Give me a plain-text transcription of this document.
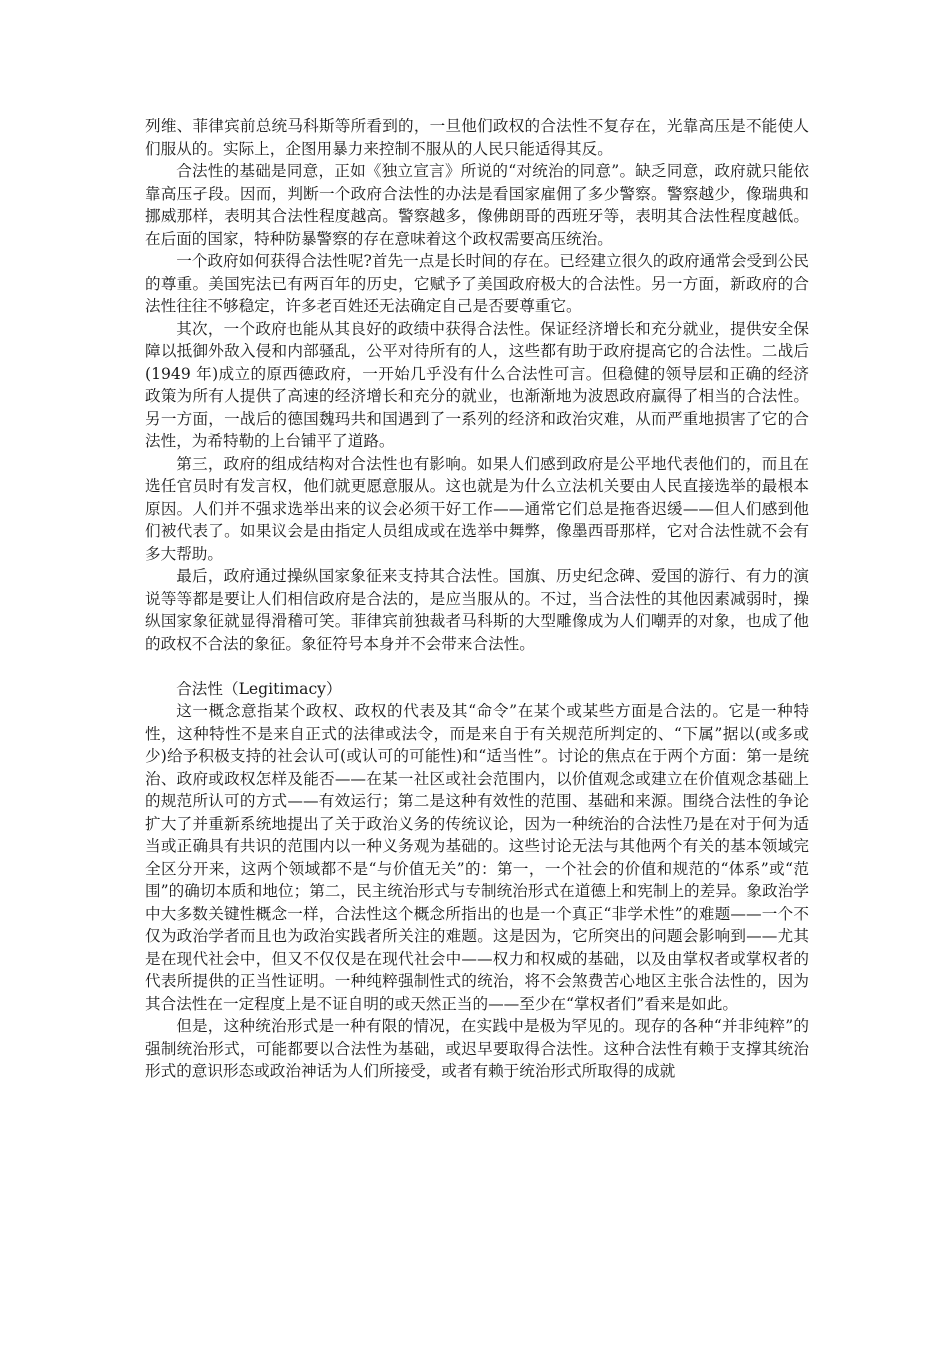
列维、菲律宾前总统马科斯等所看到的，一旦他们政权的合法性不复存在，光靠高压是不能使人们服从的。实际上，企图用暴力来控制不服从的人民只能适得其反。

合法性的基础是同意，正如《独立宣言》所说的“对统治的同意”。缺乏同意，政府就只能依靠高压孑段。因而，判断一个政府合法性的办法是看国家雇佣了多少警察。警察越少，像瑞典和挪威那样，表明其合法性程度越高。警察越多，像佛朗哥的西班牙等，表明其合法性程度越低。在后面的国家，特种防暴警察的存在意味着这个政权需要高压统治。

一个政府如何获得合法性呢?首先一点是长时间的存在。已经建立很久的政府通常会受到公民的尊重。美国宪法已有两百年的历史，它赋予了美国政府极大的合法性。另一方面，新政府的合法性往往不够稳定，许多老百姓还无法确定自己是否要尊重它。

其次，一个政府也能从其良好的政绩中获得合法性。保证经济增长和充分就业，提供安全保障以抵御外敌入侵和内部骚乱，公平对待所有的人，这些都有助于政府提高它的合法性。二战后(1949 年)成立的原西德政府，一开始几乎没有什么合法性可言。但稳健的领导层和正确的经济政策为所有人提供了高速的经济增长和充分的就业，也渐渐地为波恩政府赢得了相当的合法性。另一方面，一战后的德国魏玛共和国遇到了一系列的经济和政治灾难，从而严重地损害了它的合法性，为希特勒的上台铺平了道路。

第三，政府的组成结构对合法性也有影响。如果人们感到政府是公平地代表他们的，而且在选任官员时有发言权，他们就更愿意服从。这也就是为什么立法机关要由人民直接选举的最根本原因。人们并不强求选举出来的议会必须干好工作——通常它们总是拖沓迟缓——但人们感到他们被代表了。如果议会是由指定人员组成或在选举中舞弊，像墨西哥那样，它对合法性就不会有多大帮助。

最后，政府通过操纵国家象征来支持其合法性。国旗、历史纪念碑、爱国的游行、有力的演说等等都是要让人们相信政府是合法的，是应当服从的。不过，当合法性的其他因素减弱时，操纵国家象征就显得滑稽可笑。菲律宾前独裁者马科斯的大型雕像成为人们嘲弄的对象，也成了他的政权不合法的象征。象征符号本身并不会带来合法性。

合法性（Legitimacy）

这一概念意指某个政权、政权的代表及其“命令”在某个或某些方面是合法的。它是一种特性，这种特性不是来自正式的法律或法令，而是来自于有关规范所判定的、“下属”据以(或多或少)给予积极支持的社会认可(或认可的可能性)和“适当性”。讨论的焦点在于两个方面：第一是统治、政府或政权怎样及能否——在某一社区或社会范围内，以价值观念或建立在价值观念基础上的规范所认可的方式——有效运行；第二是这种有效性的范围、基础和来源。围绕合法性的争论扩大了并重新系统地提出了关于政治义务的传统议论，因为一种统治的合法性乃是在对于何为适当或正确具有共识的范围内以一种义务观为基础的。这些讨论无法与其他两个有关的基本领域完全区分开来，这两个领域都不是“与价值无关”的：第一，一个社会的价值和规范的“体系”或“范围”的确切本质和地位；第二，民主统治形式与专制统治形式在道德上和宪制上的差异。象政治学中大多数关键性概念一样，合法性这个概念所指出的也是一个真正“非学术性”的难题——一个不仅为政治学者而且也为政治实践者所关注的难题。这是因为，它所突出的问题会影响到——尤其是在现代社会中，但又不仅仅是在现代社会中——权力和权威的基础，以及由掌权者或掌权者的代表所提供的正当性证明。一种纯粹强制性式的统治，将不会煞费苦心地区主张合法性的，因为其合法性在一定程度上是不证自明的或天然正当的——至少在“掌权者们”看来是如此。

但是，这种统治形式是一种有限的情况，在实践中是极为罕见的。现存的各种“并非纯粹”的强制统治形式，可能都要以合法性为基础，或迟早要取得合法性。这种合法性有赖于支撑其统治形式的意识形态或政治神话为人们所接受，或者有赖于统治形式所取得的成就
